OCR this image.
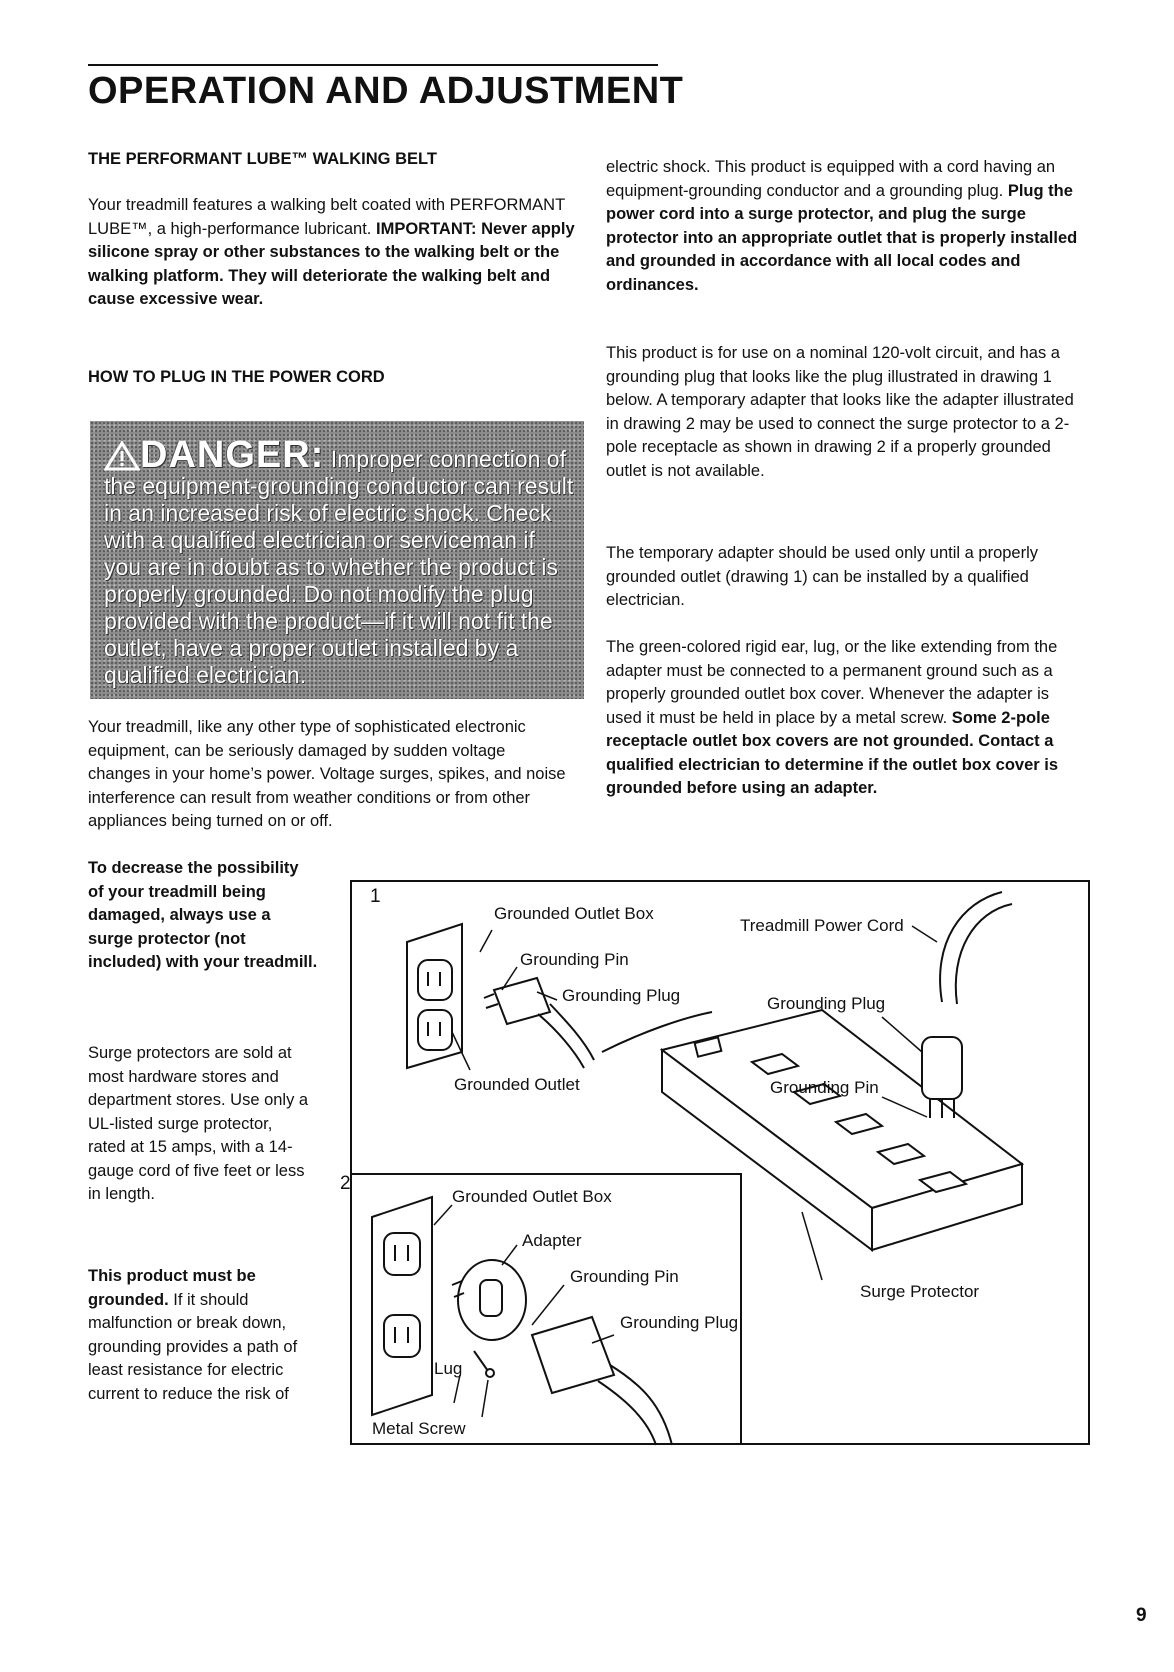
OPERATION AND ADJUSTMENT
THE PERFORMANT LUBE™ WALKING BELT

Your treadmill features a walking belt coated with PERFORMANT LUBE™, a high-performance lubricant. IMPORTANT: Never apply silicone spray or other substances to the walking belt or the walking platform. They will deteriorate the walking belt and cause excessive wear.

HOW TO PLUG IN THE POWER CORD
DANGER: Improper connection of the equipment-grounding conductor can result in an increased risk of electric shock. Check with a qualified electrician or serviceman if you are in doubt as to whether the product is properly grounded. Do not modify the plug provided with the product—if it will not fit the outlet, have a proper outlet installed by a qualified electrician.

Your treadmill, like any other type of sophisticated electronic equipment, can be seriously damaged by sudden voltage changes in your home’s power. Voltage surges, spikes, and noise interference can result from weather conditions or from other appliances being turned on or off.

To decrease the possibility of your treadmill being damaged, always use a surge protector (not included) with your treadmill.

Surge protectors are sold at most hardware stores and department stores. Use only a UL-listed surge protector, rated at 15 amps, with a 14-gauge cord of five feet or less in length.

This product must be grounded. If it should malfunction or break down, grounding provides a path of least resistance for electric current to reduce the risk of

electric shock. This product is equipped with a cord having an equipment-grounding conductor and a grounding plug. Plug the power cord into a surge protector, and plug the surge protector into an appropriate outlet that is properly installed and grounded in accordance with all local codes and ordinances.

This product is for use on a nominal 120-volt circuit, and has a grounding plug that looks like the plug illustrated in drawing 1 below. A temporary adapter that looks like the adapter illustrated in drawing 2 may be used to connect the surge protector to a 2-pole receptacle as shown in drawing 2 if a properly grounded outlet is not available.

The temporary adapter should be used only until a properly grounded outlet (drawing 1) can be installed by a qualified electrician.

The green-colored rigid ear, lug, or the like extending from the adapter must be connected to a permanent ground such as a properly grounded outlet box cover. Whenever the adapter is used it must be held in place by a metal screw. Some 2-pole receptacle outlet box covers are not grounded. Contact a qualified electrician to determine if the outlet box cover is grounded before using an adapter.

1
Grounded Outlet Box
Grounding Pin
Grounding Plug
Grounded Outlet
Treadmill Power Cord
Grounding Plug
Grounding Pin
Surge Protector
2
Grounded Outlet Box
Adapter
Grounding Pin
Grounding Plug
Lug
Metal Screw
9
